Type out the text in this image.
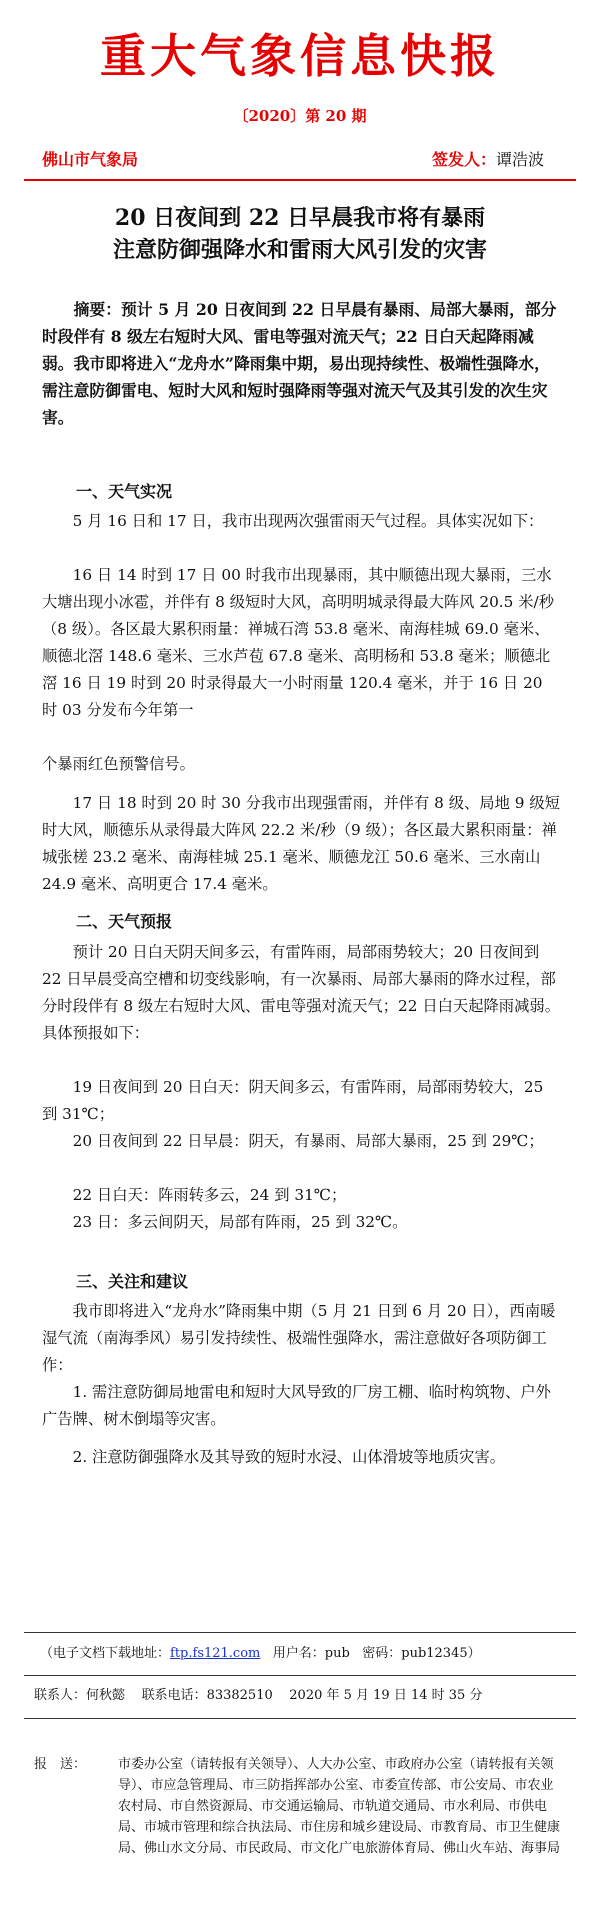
重大气象信息快报
〔2020〕第 20 期
佛山市气象局	签发人：谭浩波
20 日夜间到 22 日早晨我市将有暴雨
注意防御强降水和雷雨大风引发的灾害

摘要：预计 5 月 20 日夜间到 22 日早晨有暴雨、局部大暴雨，部分时段伴有 8 级左右短时大风、雷电等强对流天气；22 日白天起降雨减弱。我市即将进入“龙舟水”降雨集中期，易出现持续性、极端性强降水，需注意防御雷电、短时大风和短时强降雨等强对流天气及其引发的次生灾害。

一、天气实况

5 月 16 日和 17 日，我市出现两次强雷雨天气过程。具体实况如下：

16 日 14 时到 17 日 00 时我市出现暴雨，其中顺德出现大暴雨，三水大塘出现小冰雹，并伴有 8 级短时大风，高明明城录得最大阵风 20.5 米/秒（8 级）。各区最大累积雨量：禅城石湾 53.8 毫米、南海桂城 69.0 毫米、顺德北滘 148.6 毫米、三水芦苞 67.8 毫米、高明杨和 53.8 毫米；顺德北滘 16 日 19 时到 20 时录得最大一小时雨量 120.4 毫米，并于 16 日 20 时 03 分发布今年第一

个暴雨红色预警信号。

17 日 18 时到 20 时 30 分我市出现强雷雨，并伴有 8 级、局地 9 级短时大风，顺德乐从录得最大阵风 22.2 米/秒（9 级）；各区最大累积雨量：禅城张槎 23.2 毫米、南海桂城 25.1 毫米、顺德龙江 50.6 毫米、三水南山 24.9 毫米、高明更合 17.4 毫米。

二、天气预报

预计 20 日白天阴天间多云，有雷阵雨，局部雨势较大；20 日夜间到 22 日早晨受高空槽和切变线影响，有一次暴雨、局部大暴雨的降水过程，部分时段伴有 8 级左右短时大风、雷电等强对流天气；22 日白天起降雨减弱。具体预报如下：

19 日夜间到 20 日白天：阴天间多云，有雷阵雨，局部雨势较大，25 到 31℃；

20 日夜间到 22 日早晨：阴天，有暴雨、局部大暴雨，25 到 29℃；

22 日白天：阵雨转多云，24 到 31℃；

23 日：多云间阴天，局部有阵雨，25 到 32℃。

三、关注和建议

我市即将进入“龙舟水”降雨集中期（5 月 21 日到 6 月 20 日），西南暖湿气流（南海季风）易引发持续性、极端性强降水，需注意做好各项防御工作：

1. 需注意防御局地雷电和短时大风导致的厂房工棚、临时构筑物、户外广告牌、树木倒塌等灾害。

2. 注意防御强降水及其导致的短时水浸、山体滑坡等地质灾害。

（电子文档下载地址：ftp.fs121.com 用户名：pub 密码：pub12345）
联系人：何秋懿 联系电话：83382510 2020 年 5 月 19 日 14 时 35 分
报　送： 市委办公室（请转报有关领导）、人大办公室、市政府办公室（请转报有关领导）、市应急管理局、市三防指挥部办公室、市委宣传部、市公安局、市农业农村局、市自然资源局、市交通运输局、市轨道交通局、市水利局、市供电局、市城市管理和综合执法局、市住房和城乡建设局、市教育局、市卫生健康局、佛山水文分局、市民政局、市文化广电旅游体育局、佛山火车站、海事局
